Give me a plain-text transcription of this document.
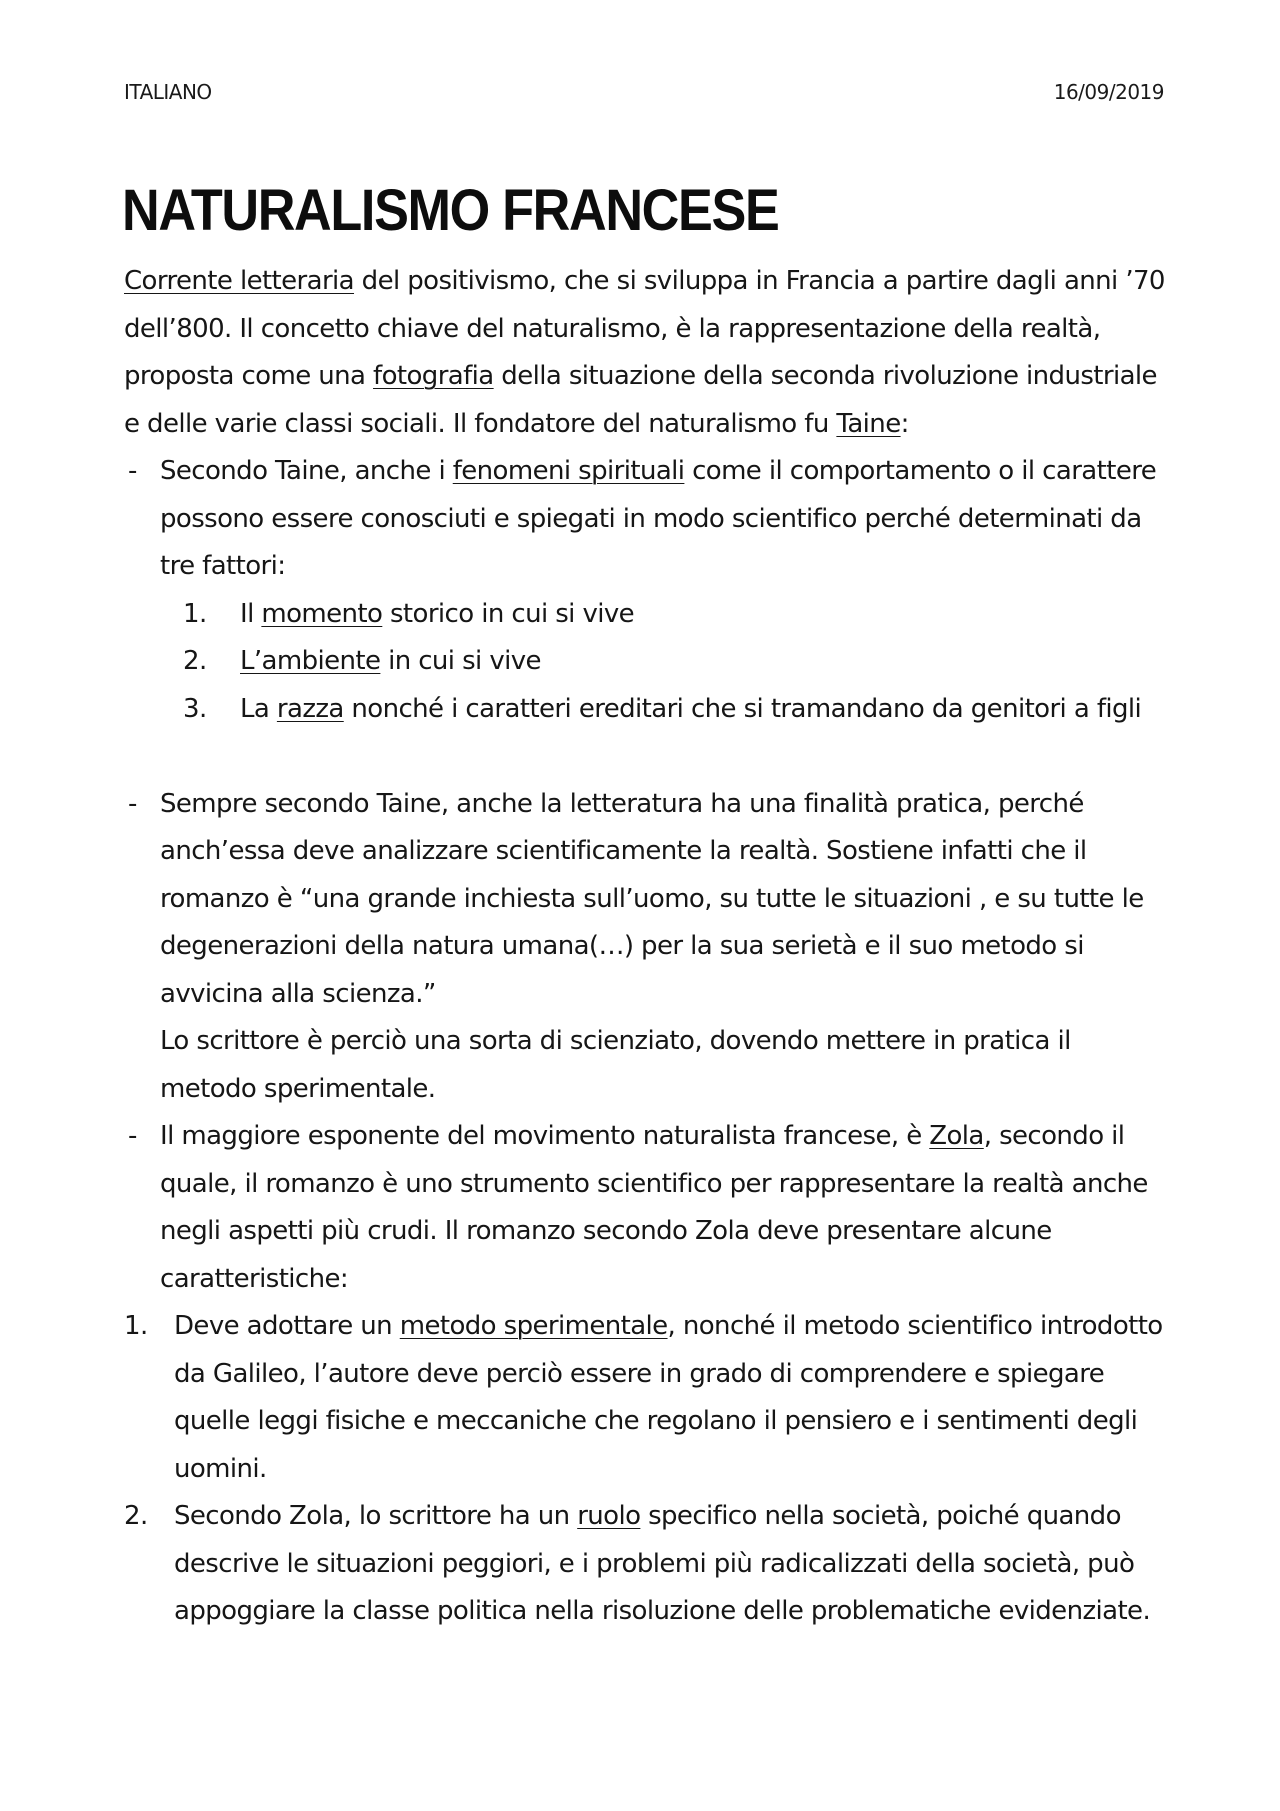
ITALIANO	16/09/2019
NATURALISMO FRANCESE

Corrente letteraria del positivismo, che si sviluppa in Francia a partire dagli anni ’70 dell’800. Il concetto chiave del naturalismo, è la rappresentazione della realtà, proposta come una fotografia della situazione della seconda rivoluzione industriale e delle varie classi sociali. Il fondatore del naturalismo fu Taine:

- Secondo Taine, anche i fenomeni spirituali come il comportamento o il carattere possono essere conosciuti e spiegati in modo scientifico perché determinati da tre fattori:
1. Il momento storico in cui si vive
2. L’ambiente in cui si vive
3. La razza nonché i caratteri ereditari che si tramandano da genitori a figli
- Sempre secondo Taine, anche la letteratura ha una finalità pratica, perché anch’essa deve analizzare scientificamente la realtà. Sostiene infatti che il romanzo è “una grande inchiesta sull’uomo, su tutte le situazioni , e su tutte le degenerazioni della natura umana(…) per la sua serietà e il suo metodo si avvicina alla scienza.”
Lo scrittore è perciò una sorta di scienziato, dovendo mettere in pratica il metodo sperimentale.
- Il maggiore esponente del movimento naturalista francese, è Zola, secondo il quale, il romanzo è uno strumento scientifico per rappresentare la realtà anche negli aspetti più crudi. Il romanzo secondo Zola deve presentare alcune caratteristiche:
1. Deve adottare un metodo sperimentale, nonché il metodo scientifico introdotto da Galileo, l’autore deve perciò essere in grado di comprendere e spiegare quelle leggi fisiche e meccaniche che regolano il pensiero e i sentimenti degli uomini.
2. Secondo Zola, lo scrittore ha un ruolo specifico nella società, poiché quando descrive le situazioni peggiori, e i problemi più radicalizzati della società, può appoggiare la classe politica nella risoluzione delle problematiche evidenziate.
